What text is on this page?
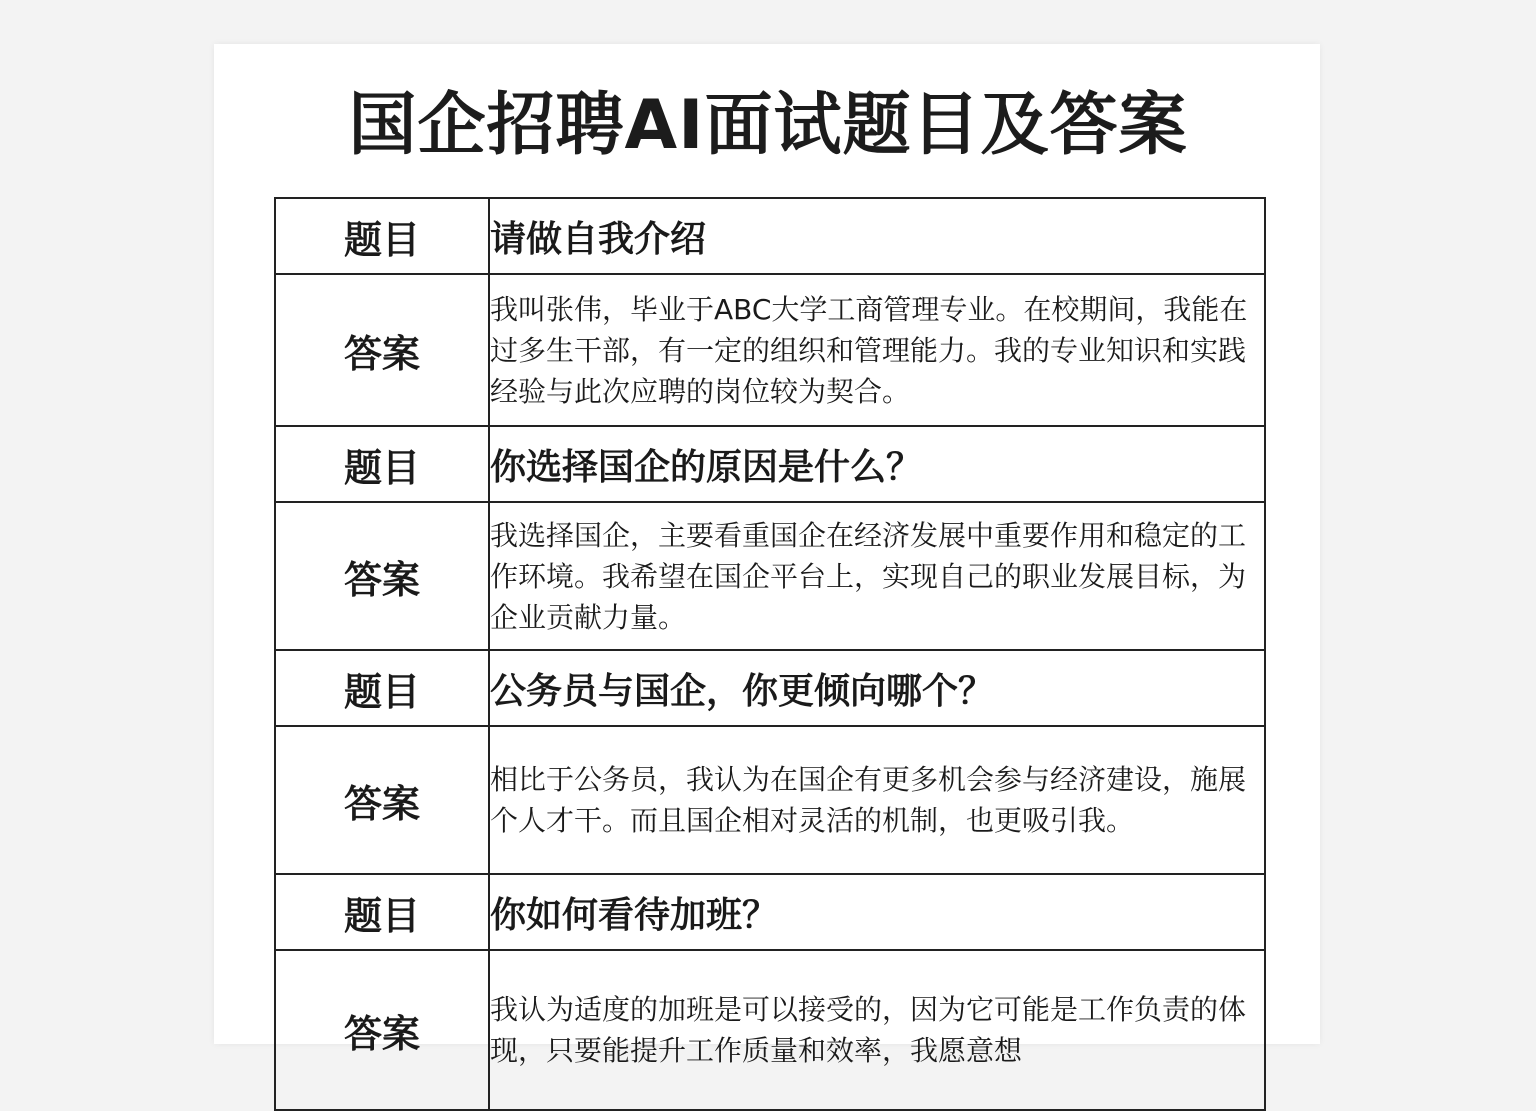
国企招聘AI面试题目及答案
题目	请做自我介绍
答案	我叫张伟，毕业于ABC大学工商管理专业。在校期间，我能在过多生干部，有一定的组织和管理能力。我的专业知识和实践经验与此次应聘的岗位较为契合。
题目	你选择国企的原因是什么？
答案	我选择国企，主要看重国企在经济发展中重要作用和稳定的工作环境。我希望在国企平台上，实现自己的职业发展目标，为企业贡献力量。
题目	公务员与国企，你更倾向哪个？
答案	相比于公务员，我认为在国企有更多机会参与经济建设，施展个人才干。而且国企相对灵活的机制，也更吸引我。
题目	你如何看待加班？
答案	我认为适度的加班是可以接受的，因为它可能是工作负责的体现，只要能提升工作质量和效率，我愿意想
